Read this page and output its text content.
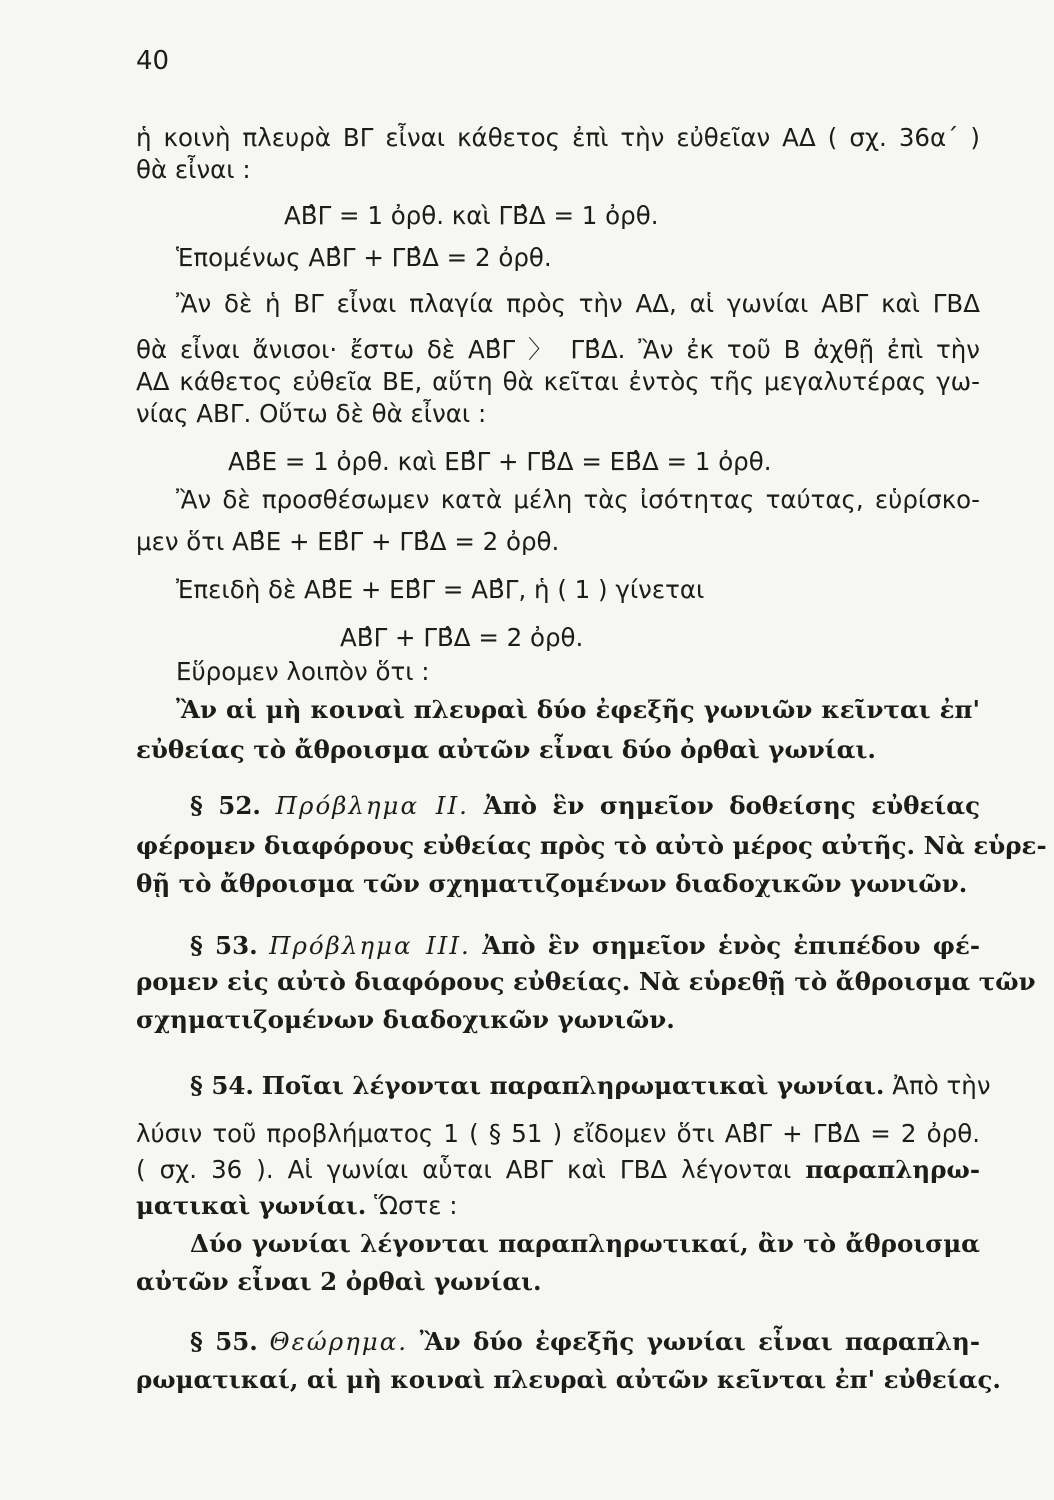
40
ἡ κοινὴ πλευρὰ ΒΓ εἶναι κάθετος ἐπὶ τὴν εὐθεῖαν ΑΔ ( σχ. 36α΄ )
θὰ εἶναι :
ΑΒ̂Γ = 1 ὀρθ. καὶ ΓΒ̂Δ = 1 ὀρθ.
Ἑπομένως ΑΒ̂Γ + ΓΒ̂Δ = 2 ὀρθ.
Ἂν δὲ ἡ ΒΓ εἶναι πλαγία πρὸς τὴν ΑΔ, αἱ γωνίαι ΑΒΓ καὶ ΓΒΔ
θὰ εἶναι ἄνισοι· ἔστω δὲ ΑΒ̂Γ 〉 ΓΒ̂Δ. Ἂν ἐκ τοῦ Β ἀχθῇ ἐπὶ τὴν
ΑΔ κάθετος εὐθεῖα ΒΕ, αὕτη θὰ κεῖται ἐντὸς τῆς μεγαλυτέρας γω-
νίας ΑΒΓ. Οὕτω δὲ θὰ εἶναι :
ΑΒ̂Ε = 1 ὀρθ. καὶ ΕΒ̂Γ + ΓΒ̂Δ = ΕΒ̂Δ = 1 ὀρθ.
Ἂν δὲ προσθέσωμεν κατὰ μέλη τὰς ἰσότητας ταύτας, εὑρίσκο-
μεν ὅτι ΑΒ̂Ε + ΕΒ̂Γ + ΓΒ̂Δ = 2 ὀρθ.
Ἐπειδὴ δὲ ΑΒ̂Ε + ΕΒ̂Γ = ΑΒ̂Γ, ἡ ( 1 ) γίνεται
ΑΒ̂Γ + ΓΒ̂Δ = 2 ὀρθ.
Εὕρομεν λοιπὸν ὅτι :
Ἂν αἱ μὴ κοιναὶ πλευραὶ δύο ἐφεξῆς γωνιῶν κεῖνται ἐπ'
εὐθείας τὸ ἄθροισμα αὐτῶν εἶναι δύο ὀρθαὶ γωνίαι.
§ 52. Πρόβλημα ΙΙ. Ἀπὸ ἓν σημεῖον δοθείσης εὐθείας
φέρομεν διαφόρους εὐθείας πρὸς τὸ αὐτὸ μέρος αὐτῆς. Νὰ εὑρε-
θῇ τὸ ἄθροισμα τῶν σχηματιζομένων διαδοχικῶν γωνιῶν.
§ 53. Πρόβλημα ΙΙΙ. Ἀπὸ ἓν σημεῖον ἑνὸς ἐπιπέδου φέ-
ρομεν εἰς αὐτὸ διαφόρους εὐθείας. Νὰ εὑρεθῇ τὸ ἄθροισμα τῶν
σχηματιζομένων διαδοχικῶν γωνιῶν.
§ 54. Ποῖαι λέγονται παραπληρωματικαὶ γωνίαι. Ἀπὸ τὴν
λύσιν τοῦ προβλήματος 1 ( § 51 ) εἴδομεν ὅτι ΑΒ̂Γ + ΓΒ̂Δ = 2 ὀρθ.
( σχ. 36 ). Αἱ γωνίαι αὗται ΑΒΓ καὶ ΓΒΔ λέγονται παραπληρω-
ματικαὶ γωνίαι. Ὥστε :
Δύο γωνίαι λέγονται παραπληρωτικαί, ἂν τὸ ἄθροισμα
αὐτῶν εἶναι 2 ὀρθαὶ γωνίαι.
§ 55. Θεώρημα. Ἂν δύο ἐφεξῆς γωνίαι εἶναι παραπλη-
ρωματικαί, αἱ μὴ κοιναὶ πλευραὶ αὐτῶν κεῖνται ἐπ' εὐθείας.
